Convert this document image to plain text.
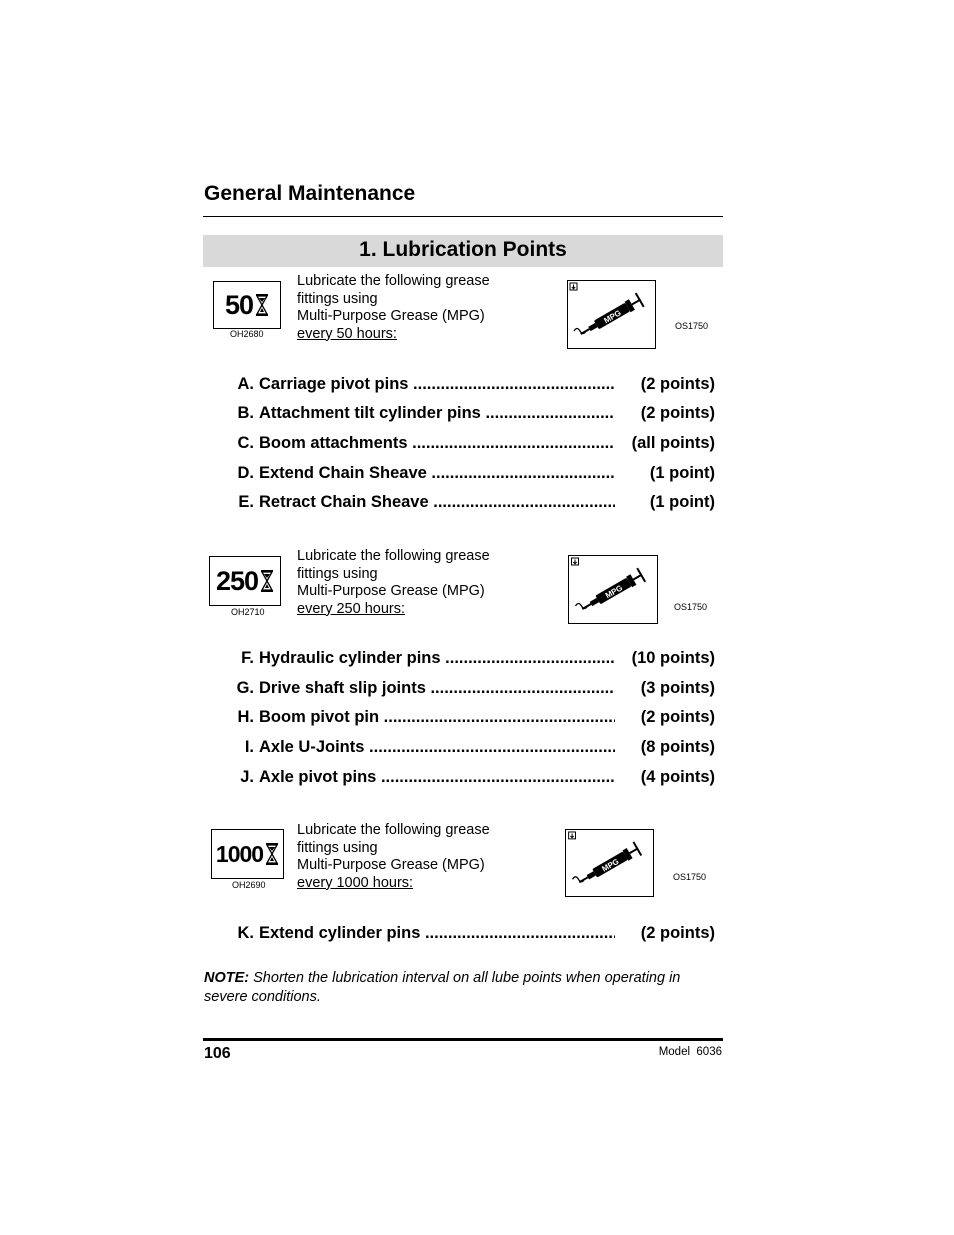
General Maintenance
1. Lubrication Points
50
OH2680
Lubricate the following grease
fittings using
Multi-Purpose Grease (MPG)
every 50 hours:
MPG
OS1750
A. Carriage pivot pins .....	(2 points)
B. Attachment tilt cylinder pins .....	(2 points)
C. Boom attachments .....	(all points)
D. Extend Chain Sheave .....	(1 point)
E. Retract Chain Sheave .....	(1 point)
250
OH2710
Lubricate the following grease
fittings using
Multi-Purpose Grease (MPG)
every 250 hours:
MPG
OS1750
F. Hydraulic cylinder pins .....	(10 points)
G. Drive shaft slip joints .....	(3 points)
H. Boom pivot pin .....	(2 points)
I. Axle U-Joints .....	(8 points)
J. Axle pivot pins .....	(4 points)
1000
OH2690
Lubricate the following grease
fittings using
Multi-Purpose Grease (MPG)
every 1000 hours:
MPG
OS1750
K. Extend cylinder pins .....	(2 points)
NOTE: Shorten the lubrication interval on all lube points when operating in severe conditions.
106	Model  6036
